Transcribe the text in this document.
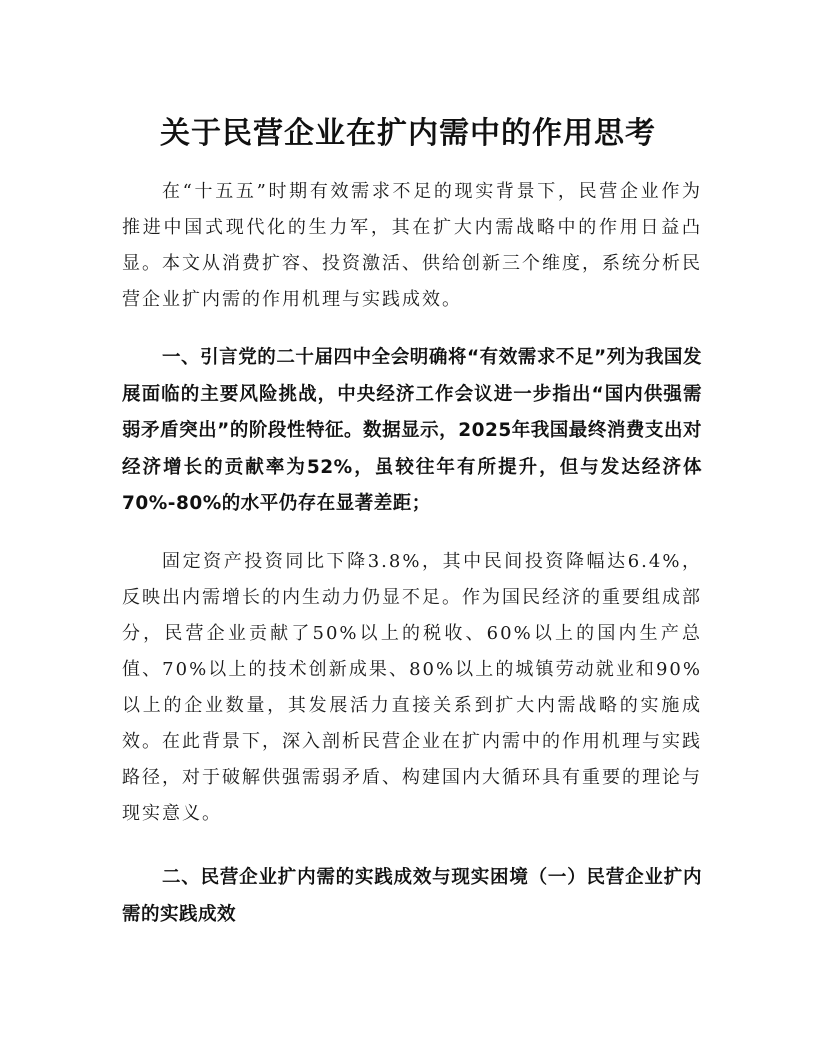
关于民营企业在扩内需中的作用思考

在“十五五”时期有效需求不足的现实背景下，民营企业作为推进中国式现代化的生力军，其在扩大内需战略中的作用日益凸显。本文从消费扩容、投资激活、供给创新三个维度，系统分析民营企业扩内需的作用机理与实践成效。

一、引言党的二十届四中全会明确将“有效需求不足”列为我国发展面临的主要风险挑战，中央经济工作会议进一步指出“国内供强需弱矛盾突出”的阶段性特征。数据显示，2025年我国最终消费支出对经济增长的贡献率为52%，虽较往年有所提升，但与发达经济体70%-80%的水平仍存在显著差距；

固定资产投资同比下降3.8%，其中民间投资降幅达6.4%，反映出内需增长的内生动力仍显不足。作为国民经济的重要组成部分，民营企业贡献了50%以上的税收、60%以上的国内生产总值、70%以上的技术创新成果、80%以上的城镇劳动就业和90%以上的企业数量，其发展活力直接关系到扩大内需战略的实施成效。在此背景下，深入剖析民营企业在扩内需中的作用机理与实践路径，对于破解供强需弱矛盾、构建国内大循环具有重要的理论与现实意义。

二、民营企业扩内需的实践成效与现实困境（一）民营企业扩内需的实践成效
